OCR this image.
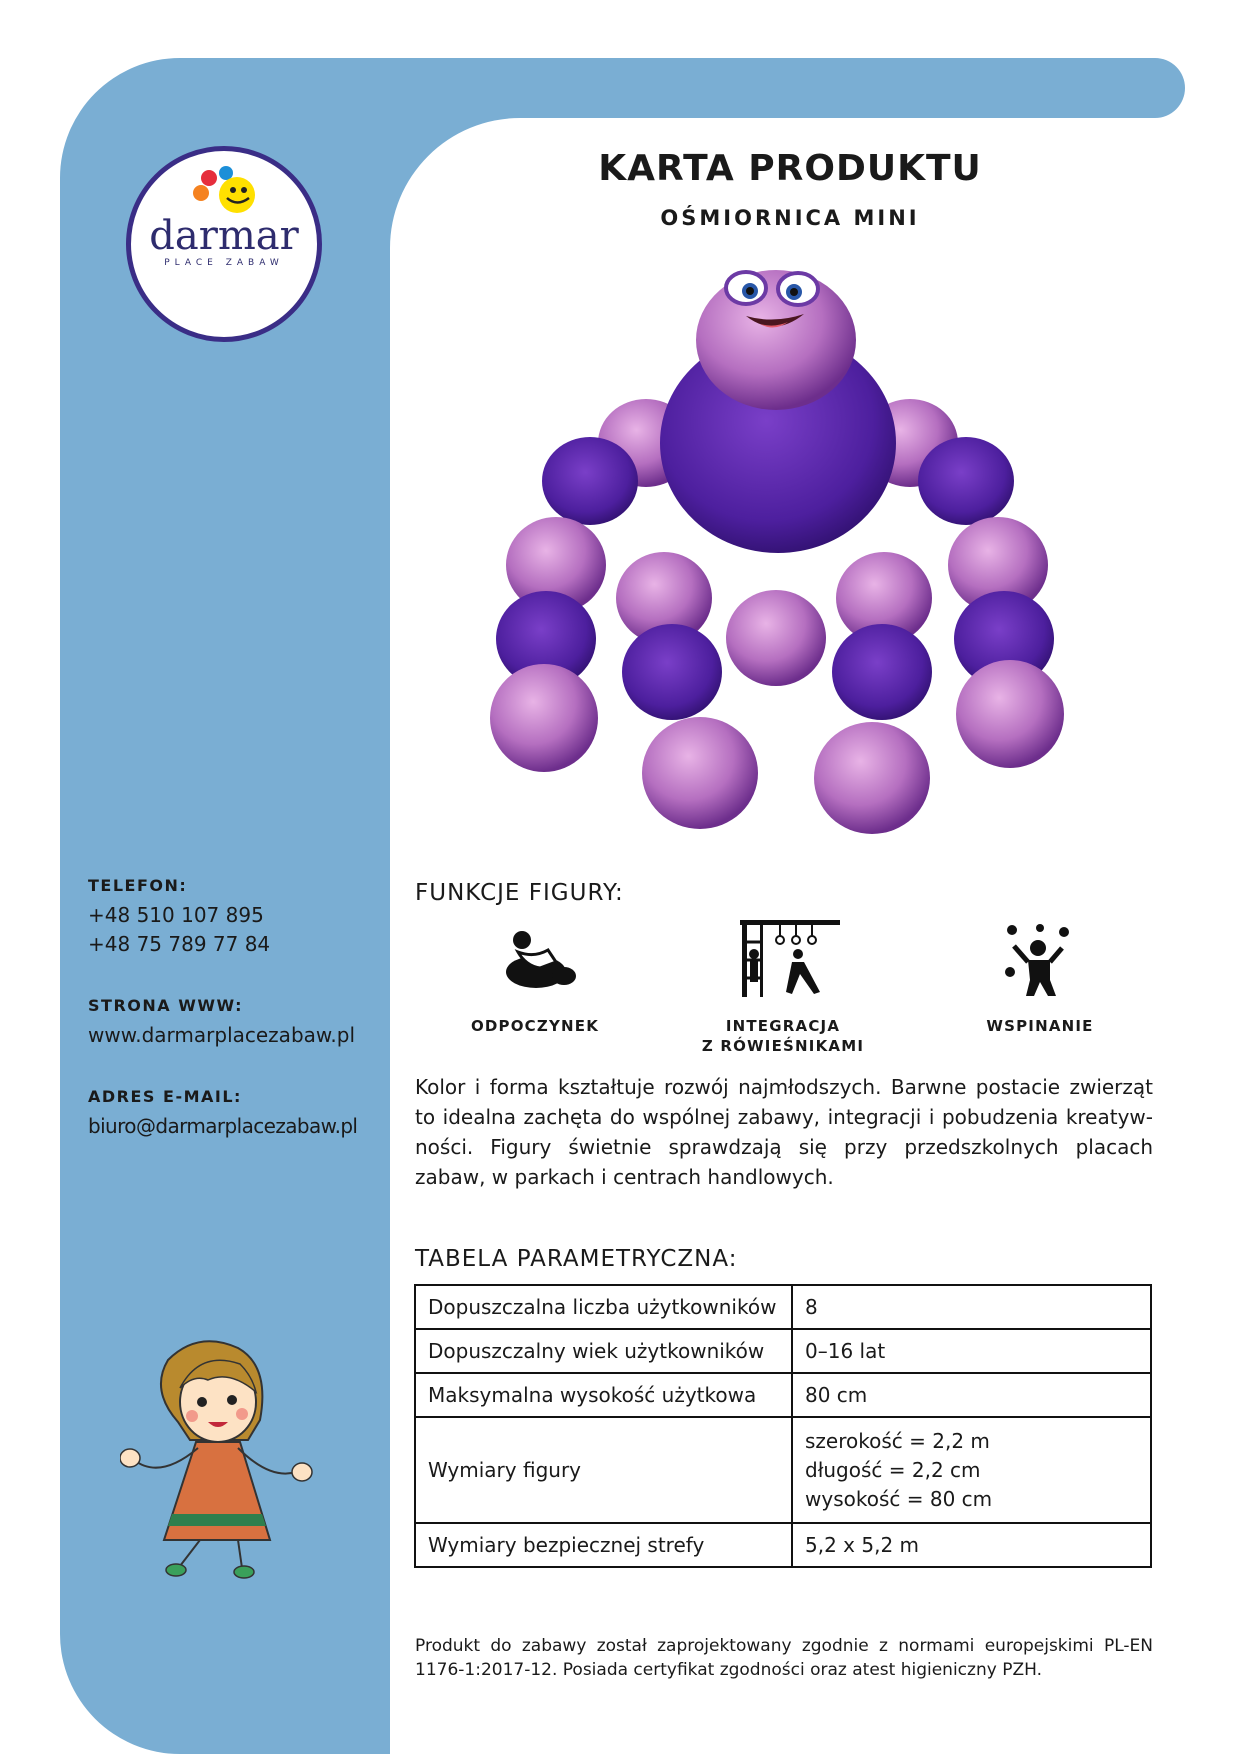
darmar
PLACE ZABAW
KARTA PRODUKTU
OŚMIORNICA MINI
TELEFON:
+48 510 107 895
+48 75 789 77 84
STRONA WWW:
www.darmarplacezabaw.pl
ADRES E-MAIL:
biuro@darmarplacezabaw.pl
FUNKCJE FIGURY:
ODPOCZYNEK	INTEGRACJA
Z RÓWIEŚNIKAMI
WSPINANIE
Kolor i forma kształtuje rozwój najmłodszych. Barwne postacie zwierząt to idealna zachęta do wspólnej zabawy, integracji i pobudzenia kreatyw-ności. Figury świetnie sprawdzają się przy przedszkolnych placach zabaw, w parkach i centrach handlowych.
TABELA PARAMETRYCZNA:
Dopuszczalna liczba użytkowników	8

Dopuszczalny wiek użytkowników	0–16 lat

Maksymalna wysokość użytkowa	80 cm

Wymiary figury	szerokość = 2,2 m
długość = 2,2 cm
wysokość = 80 cm

Wymiary bezpiecznej strefy	5,2 x 5,2 m
Produkt do zabawy został zaprojektowany zgodnie z normami europejskimi PL-EN 1176-1:2017-12. Posiada certyfikat zgodności oraz atest higieniczny PZH.
